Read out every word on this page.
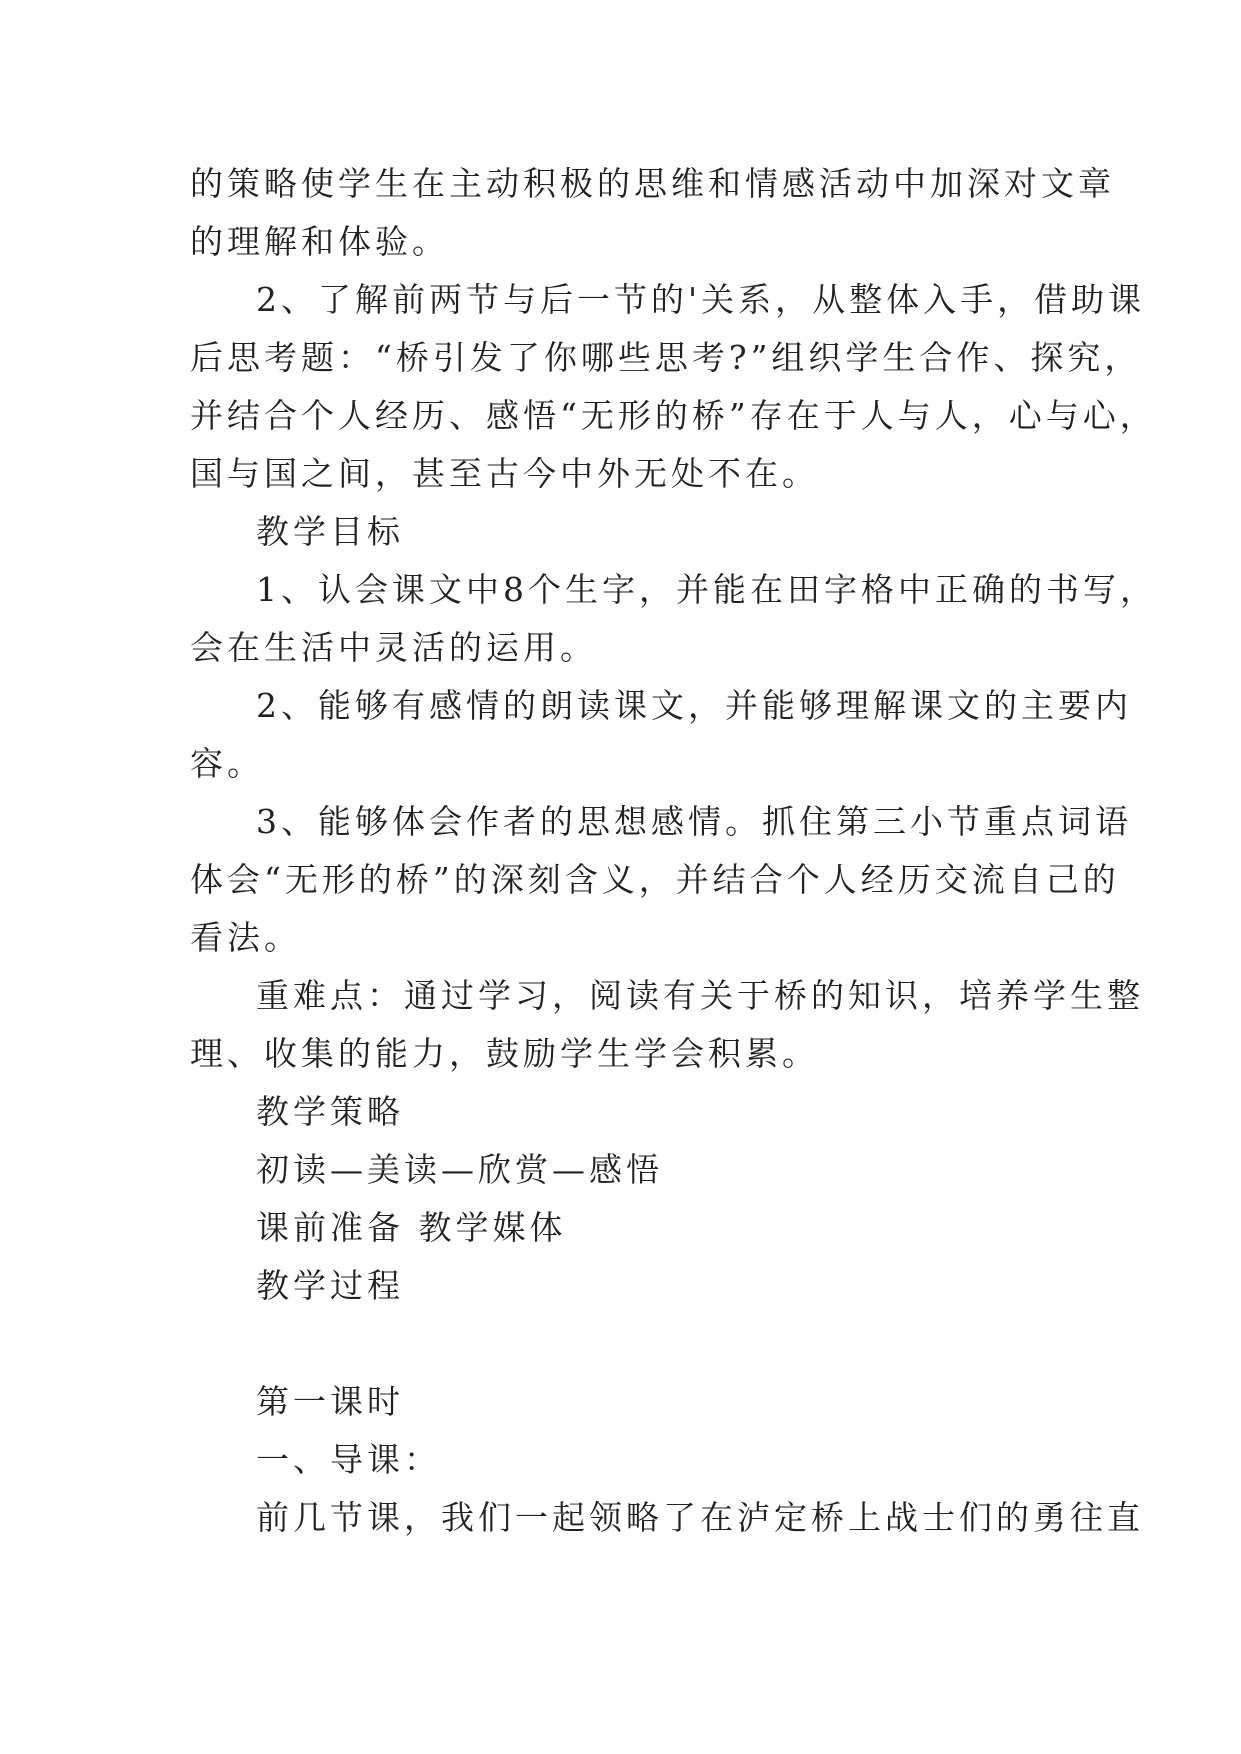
的策略使学生在主动积极的思维和情感活动中加深对文章
的理解和体验。
2、了解前两节与后一节的'关系，从整体入手，借助课
后思考题：“桥引发了你哪些思考?”组织学生合作、探究，
并结合个人经历、感悟“无形的桥”存在于人与人，心与心，
国与国之间，甚至古今中外无处不在。
教学目标
1、认会课文中8个生字，并能在田字格中正确的书写，
会在生活中灵活的运用。
2、能够有感情的朗读课文，并能够理解课文的主要内
容。
3、能够体会作者的思想感情。抓住第三小节重点词语
体会“无形的桥”的深刻含义，并结合个人经历交流自己的
看法。
重难点：通过学习，阅读有关于桥的知识，培养学生整
理、收集的能力，鼓励学生学会积累。
教学策略
初读—美读—欣赏—感悟
课前准备 教学媒体
教学过程
第一课时
一、导课：
前几节课，我们一起领略了在泸定桥上战士们的勇往直
